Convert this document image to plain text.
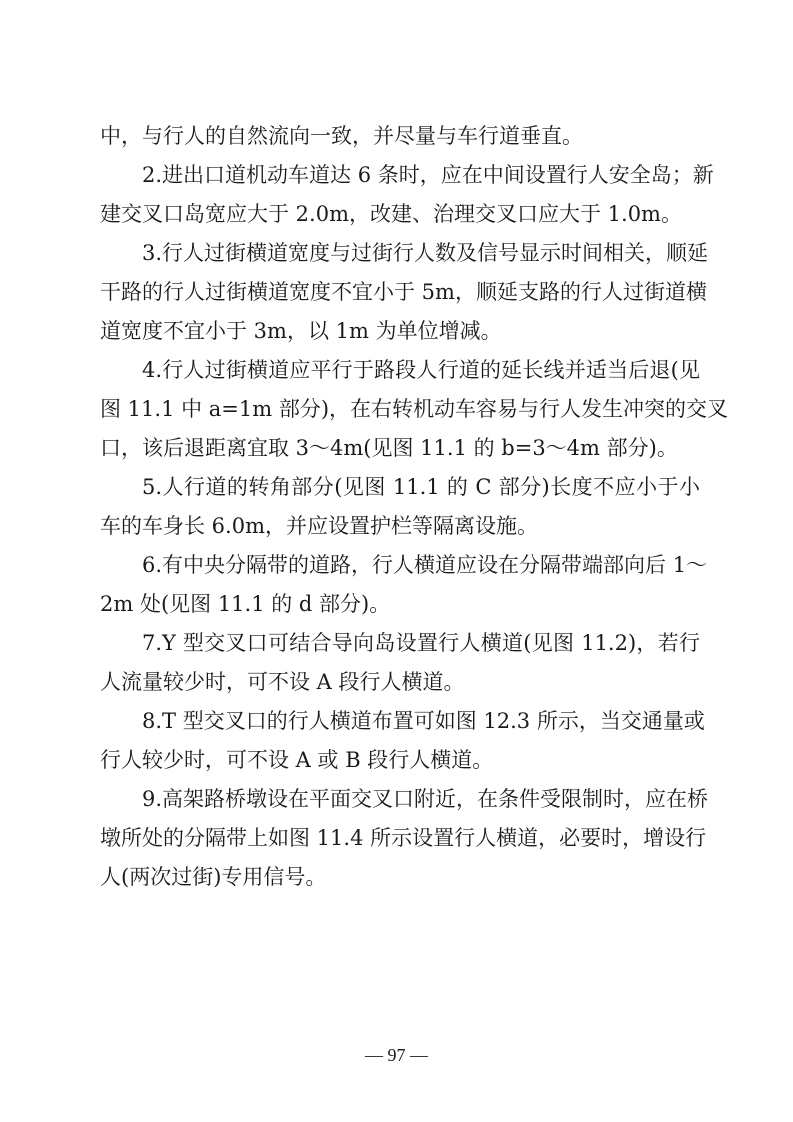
中，与行人的自然流向一致，并尽量与车行道垂直。
2.进出口道机动车道达 6 条时，应在中间设置行人安全岛；新
建交叉口岛宽应大于 2.0m，改建、治理交叉口应大于 1.0m。
3.行人过街横道宽度与过街行人数及信号显示时间相关，顺延
干路的行人过街横道宽度不宜小于 5m，顺延支路的行人过街道横
道宽度不宜小于 3m，以 1m 为单位增减。
4.行人过街横道应平行于路段人行道的延长线并适当后退(见
图 11.1 中 a=1m 部分)，在右转机动车容易与行人发生冲突的交叉
口，该后退距离宜取 3～4m(见图 11.1 的 b=3～4m 部分)。
5.人行道的转角部分(见图 11.1 的 C 部分)长度不应小于小
车的车身长 6.0m，并应设置护栏等隔离设施。
6.有中央分隔带的道路，行人横道应设在分隔带端部向后 1～
2m 处(见图 11.1 的 d 部分)。
7.Y 型交叉口可结合导向岛设置行人横道(见图 11.2)，若行
人流量较少时，可不设 A 段行人横道。
8.T 型交叉口的行人横道布置可如图 12.3 所示，当交通量或
行人较少时，可不设 A 或 B 段行人横道。
9.高架路桥墩设在平面交叉口附近，在条件受限制时，应在桥
墩所处的分隔带上如图 11.4 所示设置行人横道，必要时，增设行
人(两次过街)专用信号。
— 97 —
